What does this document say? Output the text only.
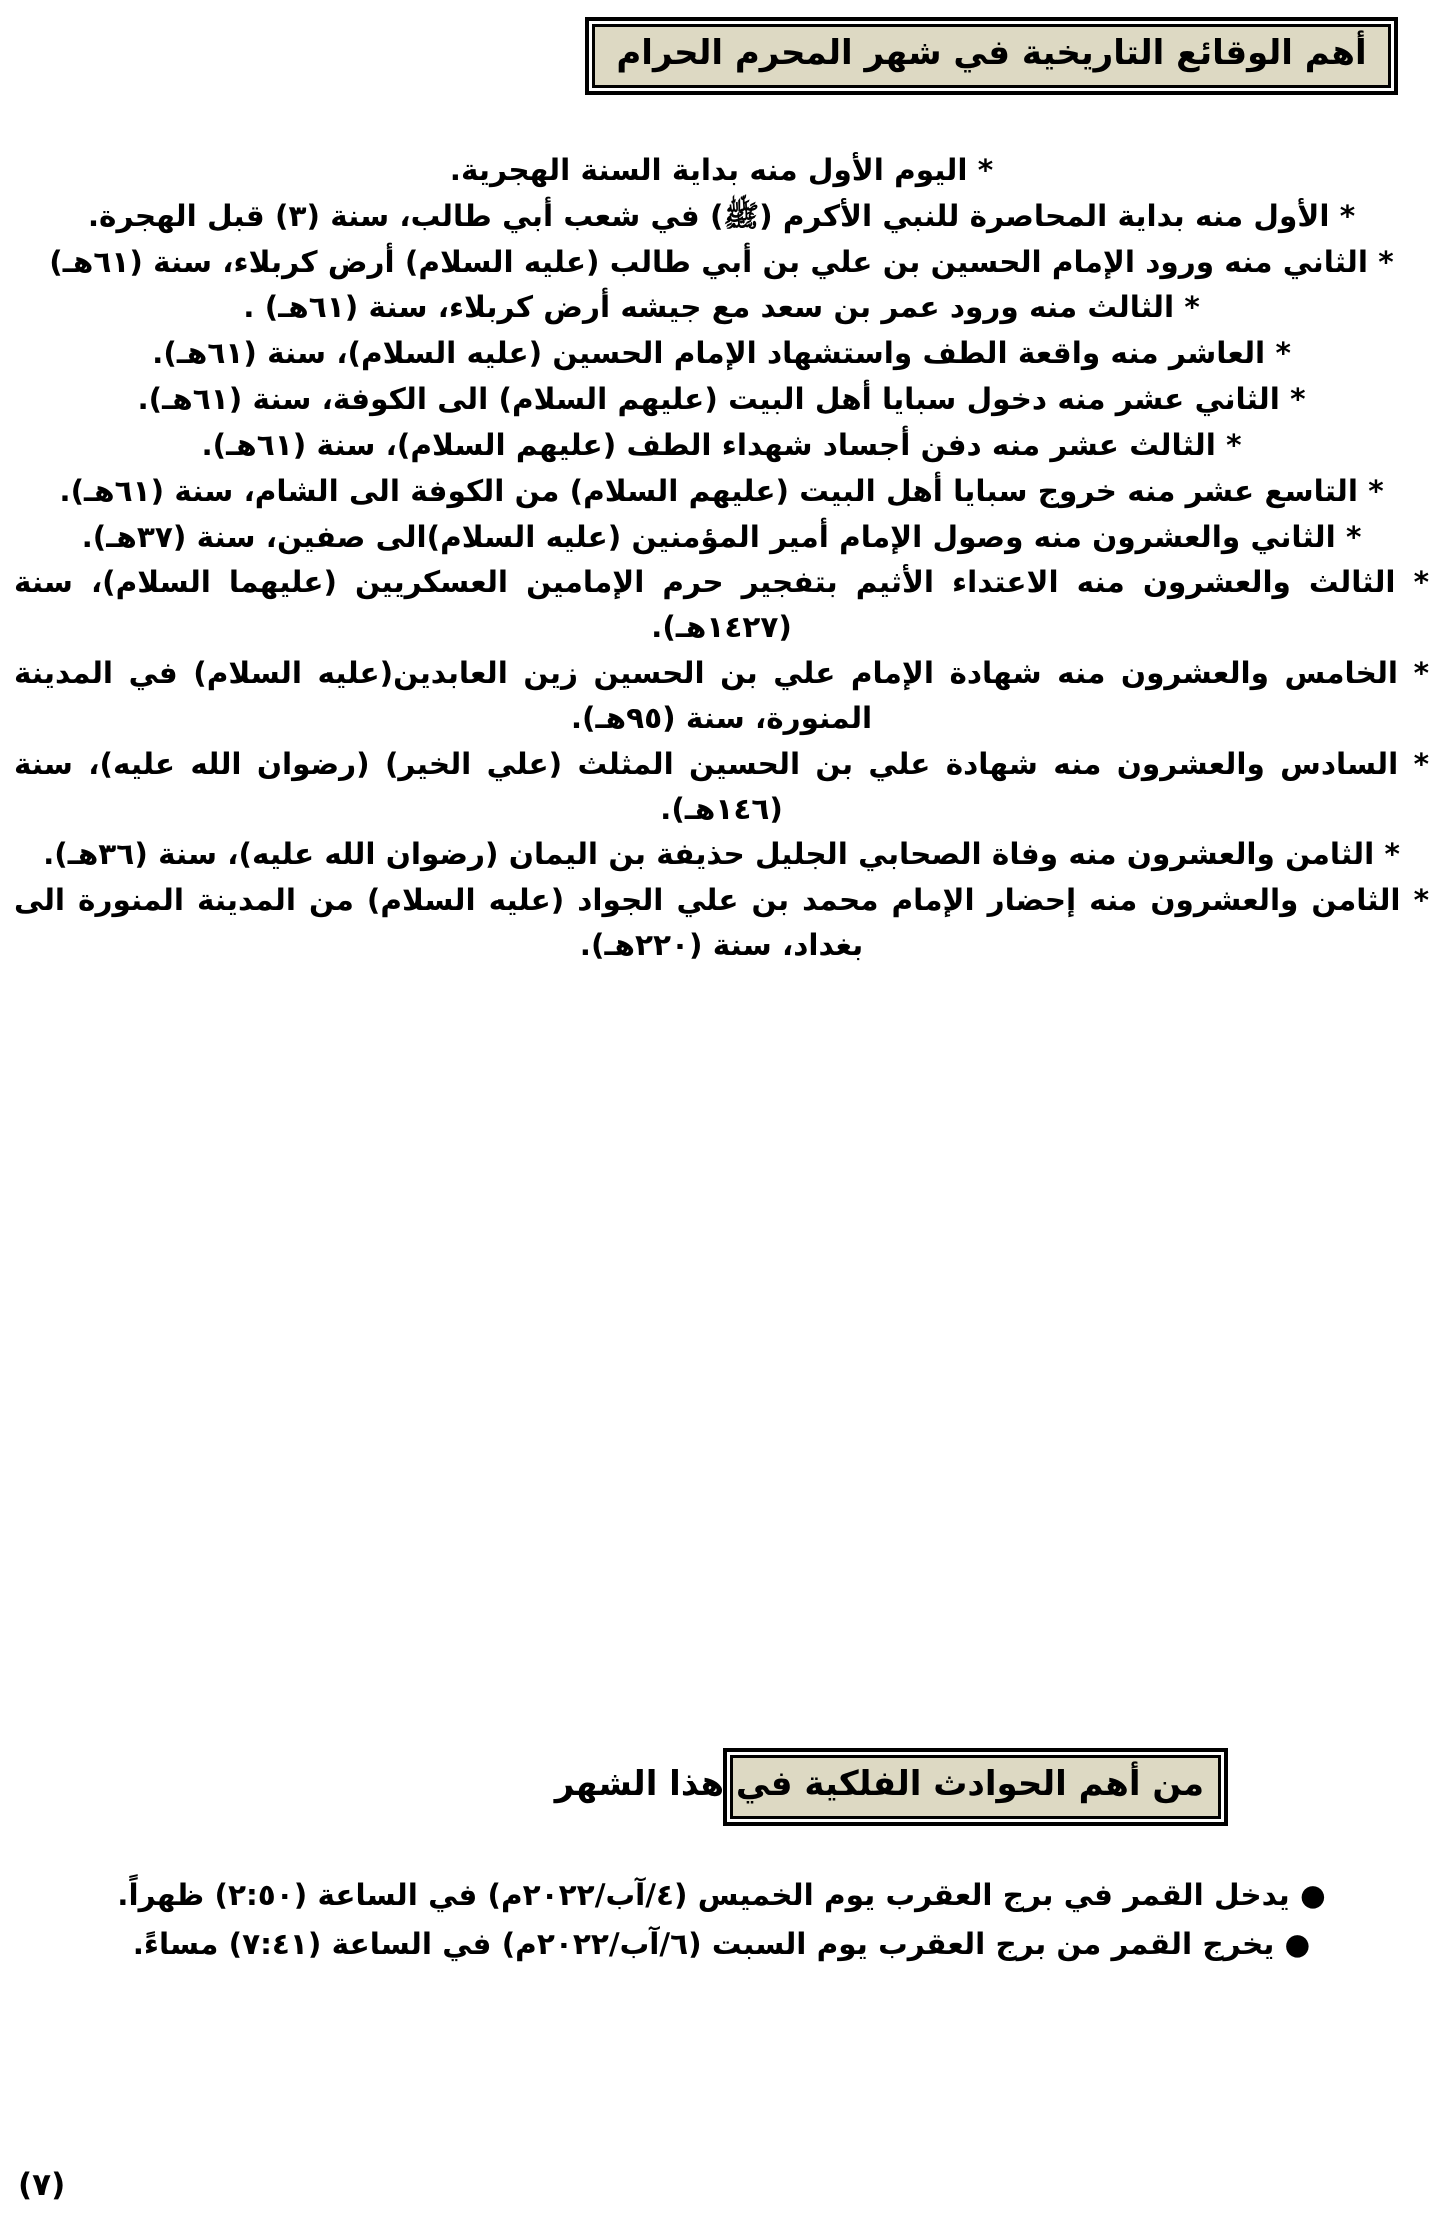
أهم الوقائع التاريخية في شهر المحرم الحرام
* اليوم الأول منه بداية السنة الهجرية.
* الأول منه بداية المحاصرة للنبي الأكرم (ﷺ) في شعب أبي طالب، سنة (٣) قبل الهجرة.
* الثاني منه ورود الإمام الحسين بن علي بن أبي طالب (عليه السلام) أرض كربلاء، سنة (٦١هـ)
* الثالث منه ورود عمر بن سعد مع جيشه أرض كربلاء، سنة (٦١هـ) .
* العاشر منه واقعة الطف واستشهاد الإمام الحسين (عليه السلام)، سنة (٦١هـ).
* الثاني عشر منه دخول سبايا أهل البيت (عليهم السلام) الى الكوفة، سنة (٦١هـ).
* الثالث عشر منه دفن أجساد شهداء الطف (عليهم السلام)، سنة (٦١هـ).
* التاسع عشر منه خروج سبايا أهل البيت (عليهم السلام) من الكوفة الى الشام، سنة (٦١هـ).
* الثاني والعشرون منه وصول الإمام أمير المؤمنين (عليه السلام)الى صفين، سنة (٣٧هـ).
* الثالث والعشرون منه الاعتداء الأثيم بتفجير حرم الإمامين العسكريين (عليهما السلام)، سنة (١٤٢٧هـ).
* الخامس والعشرون منه شهادة الإمام علي بن الحسين زين العابدين(عليه السلام) في المدينة المنورة، سنة (٩٥هـ).
* السادس والعشرون منه شهادة علي بن الحسين المثلث (علي الخير) (رضوان الله عليه)، سنة (١٤٦هـ).
* الثامن والعشرون منه وفاة الصحابي الجليل حذيفة بن اليمان (رضوان الله عليه)، سنة (٣٦هـ).
* الثامن والعشرون منه إحضار الإمام محمد بن علي الجواد (عليه السلام) من المدينة المنورة الى بغداد، سنة (٢٢٠هـ).
من أهم الحوادث الفلكية في هذا الشهر
● يدخل القمر في برج العقرب يوم الخميس (٤/آب/٢٠٢٢م) في الساعة (٢:٥٠) ظهراً.
● يخرج القمر من برج العقرب يوم السبت (٦/آب/٢٠٢٢م) في الساعة (٧:٤١) مساءً.
(٧)
